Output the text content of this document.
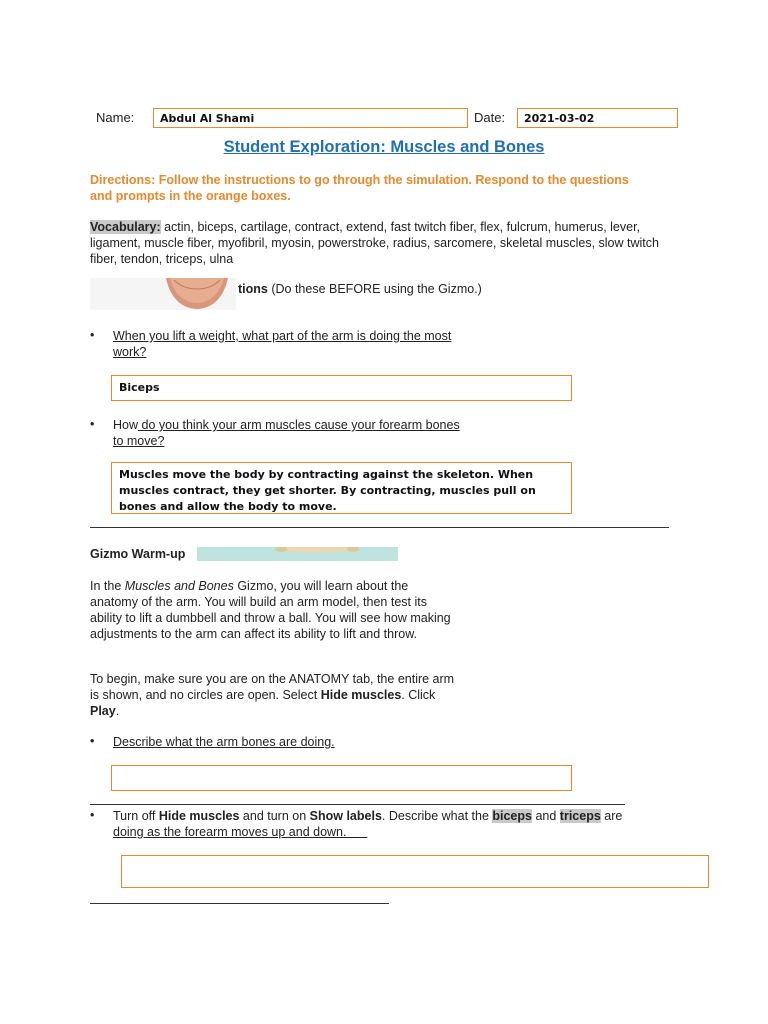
Name:	Abdul Al Shami	Date:	2021-03-02
Student Exploration: Muscles and Bones
Directions: Follow the instructions to go through the simulation. Respond to the questions and prompts in the orange boxes.
Vocabulary: actin, biceps, cartilage, contract, extend, fast twitch fiber, flex, fulcrum, humerus, lever, ligament, muscle fiber, myofibril, myosin, powerstroke, radius, sarcomere, skeletal muscles, slow twitch fiber, tendon, triceps, ulna
tions (Do these BEFORE using the Gizmo.)
• When you lift a weight, what part of the arm is doing the most
work?
Biceps
• How do you think your arm muscles cause your forearm bones
to move?
Muscles move the body by contracting against the skeleton. When muscles contract, they get shorter. By contracting, muscles pull on bones and allow the body to move.
Gizmo Warm-up
In the Muscles and Bones Gizmo, you will learn about the anatomy of the arm. You will build an arm model, then test its ability to lift a dumbbell and throw a ball. You will see how making adjustments to the arm can affect its ability to lift and throw.
To begin, make sure you are on the ANATOMY tab, the entire arm is shown, and no circles are open. Select Hide muscles. Click Play.
• Describe what the arm bones are doing.
• Turn off Hide muscles and turn on Show labels. Describe what the biceps and triceps are
doing as the forearm moves up and down.
